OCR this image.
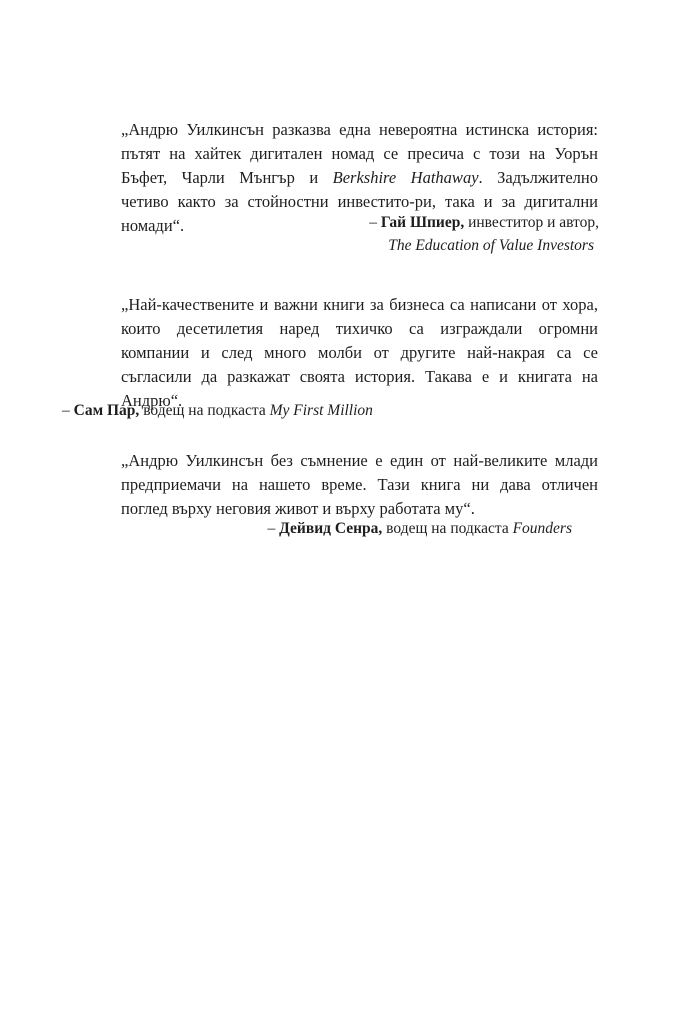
„Андрю Уилкинсън разказва една невероятна истинска история:
пътят на хайтек дигитален номад се пресича с този на Уорън
Бъфет, Чарли Мънгър и Berkshire Hathaway. Задължително
четиво както за стойностни инвестито-ри, така и за дигитални
номади“.	– Гай Шпиер, инвеститор и автор,
The Education of Value Investors

„Най-качествените и важни книги за бизнеса са написани от хора,
които десетилетия наред тихичко са изграждали огромни
компании и след много молби от другите най-накрая са се
съгласили да разкажат своята история. Такава е и книгата на
Андрю“.

– Сам Пар, водещ на подкаста My First Million

„Андрю Уилкинсън без съмнение е един от най-великите млади
предприемачи на нашето време. Тази книга ни дава отличен
поглед върху неговия живот и върху работата му“.

– Дейвид Сенра, водещ на подкаста Founders
